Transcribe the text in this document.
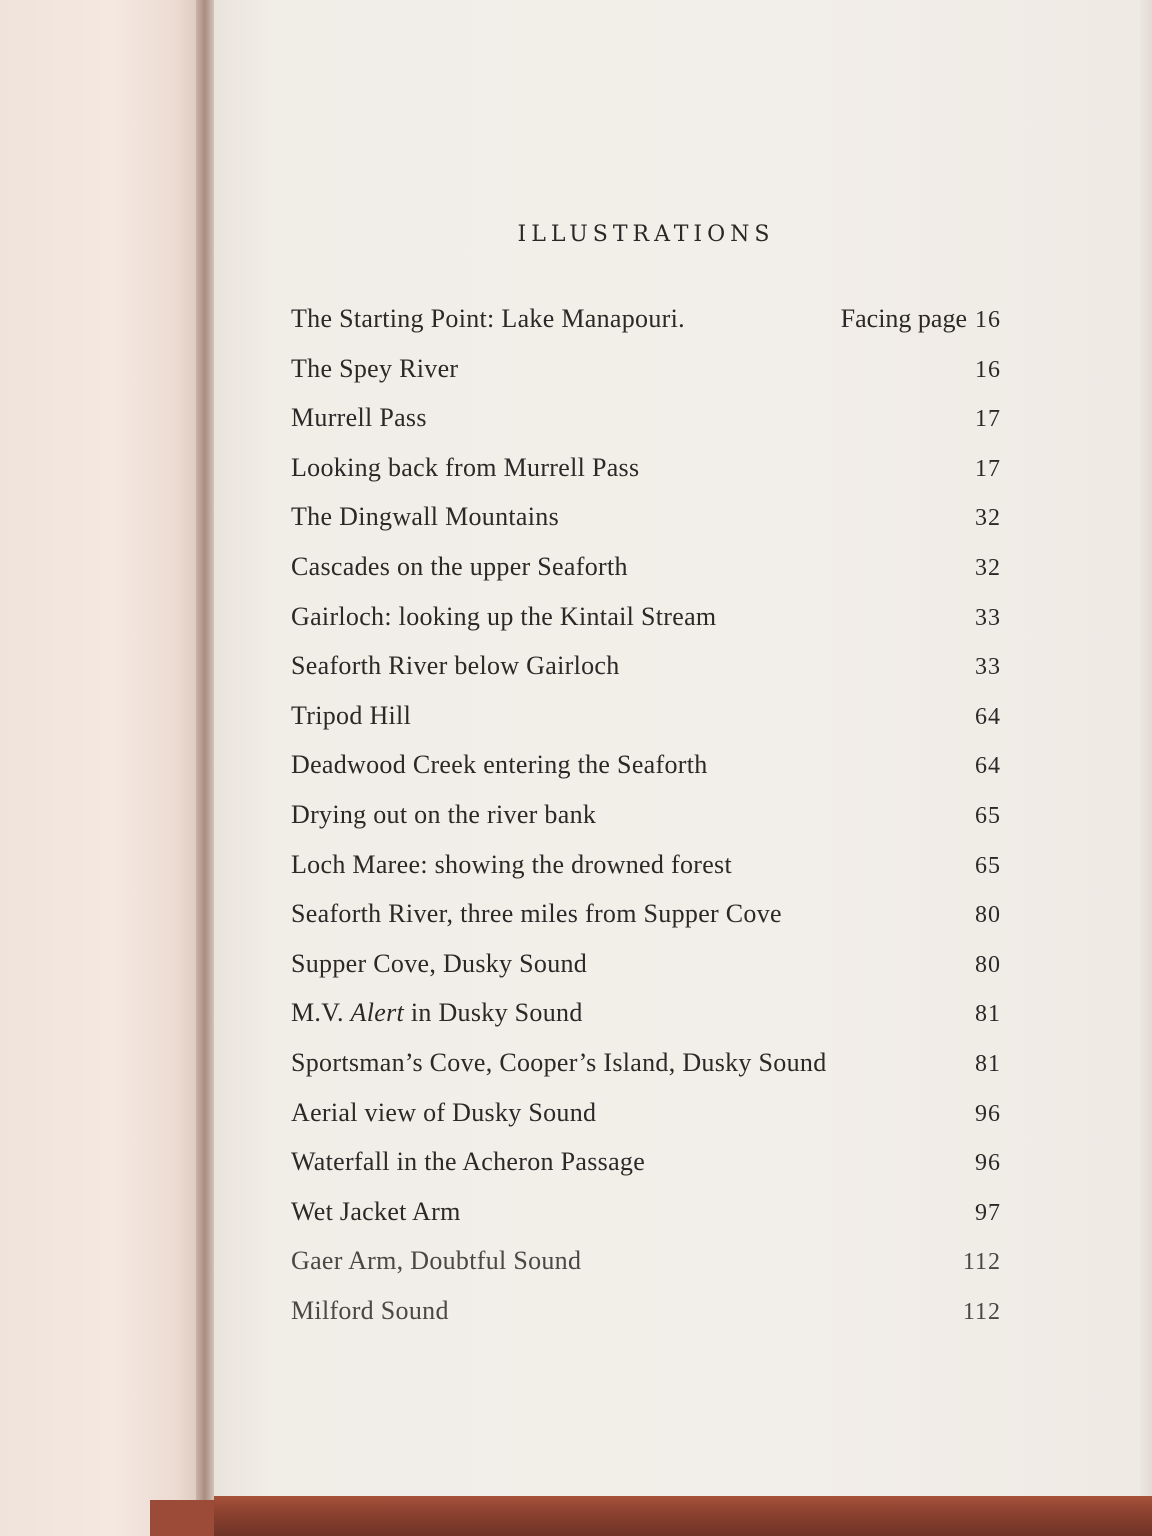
ILLUSTRATIONS
The Starting Point: Lake Manapouri.	Facing page 16
The Spey River	16
Murrell Pass	17
Looking back from Murrell Pass	17
The Dingwall Mountains	32
Cascades on the upper Seaforth	32
Gairloch: looking up the Kintail Stream	33
Seaforth River below Gairloch	33
Tripod Hill	64
Deadwood Creek entering the Seaforth	64
Drying out on the river bank	65
Loch Maree: showing the drowned forest	65
Seaforth River, three miles from Supper Cove	80
Supper Cove, Dusky Sound	80
M.V. Alert in Dusky Sound	81
Sportsman’s Cove, Cooper’s Island, Dusky Sound	81
Aerial view of Dusky Sound	96
Waterfall in the Acheron Passage	96
Wet Jacket Arm	97
Gaer Arm, Doubtful Sound	112
Milford Sound	112
